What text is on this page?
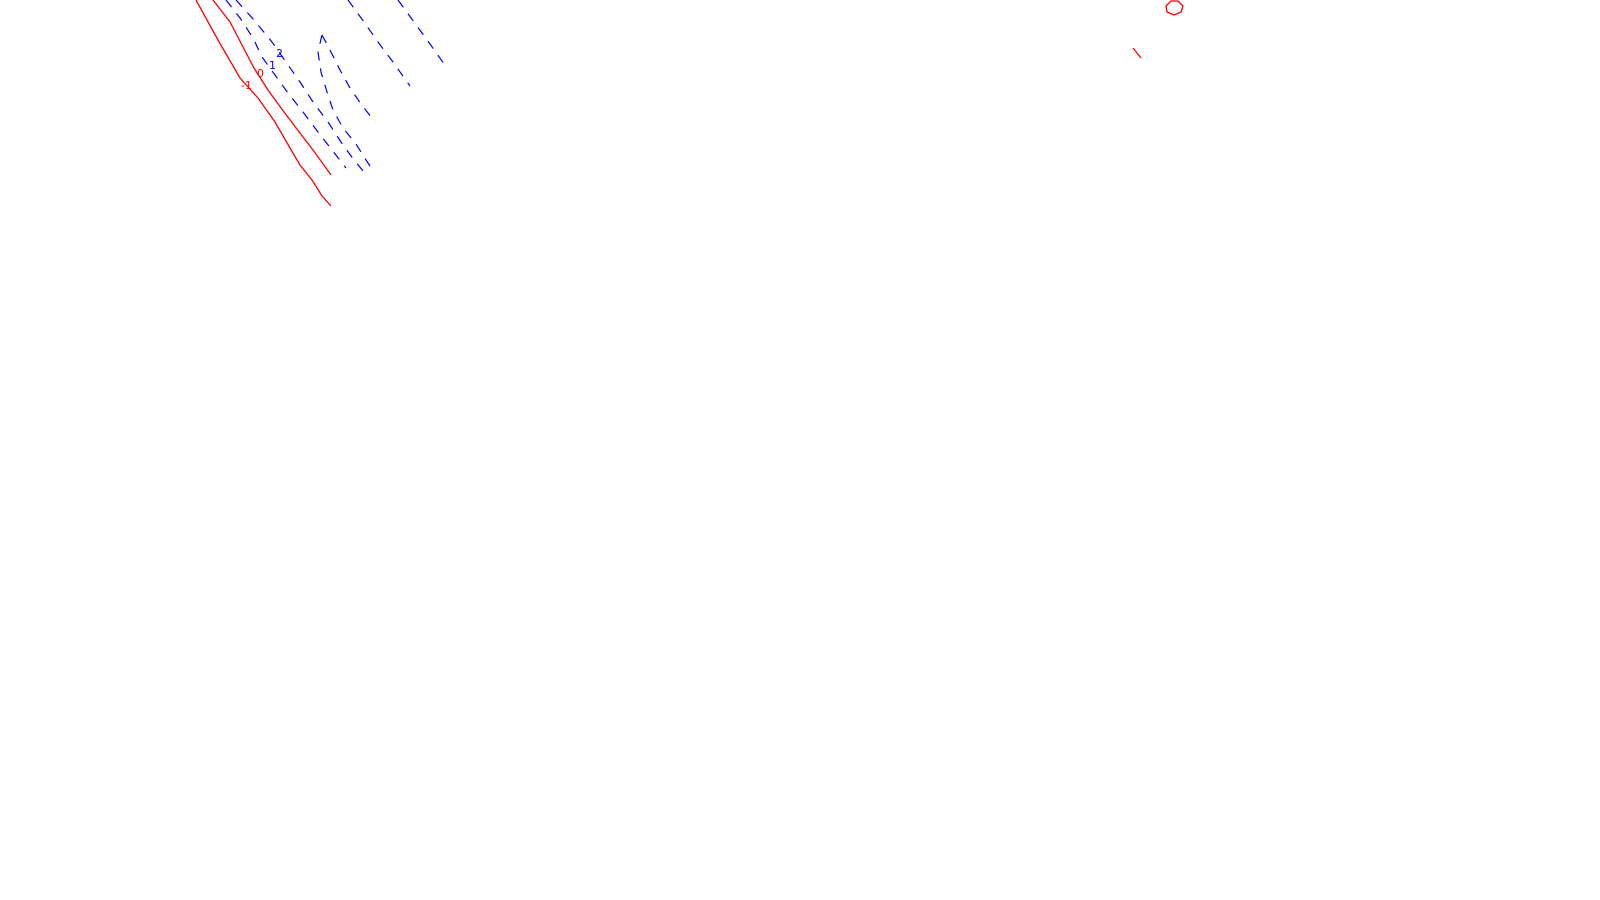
-1
0
1
2
